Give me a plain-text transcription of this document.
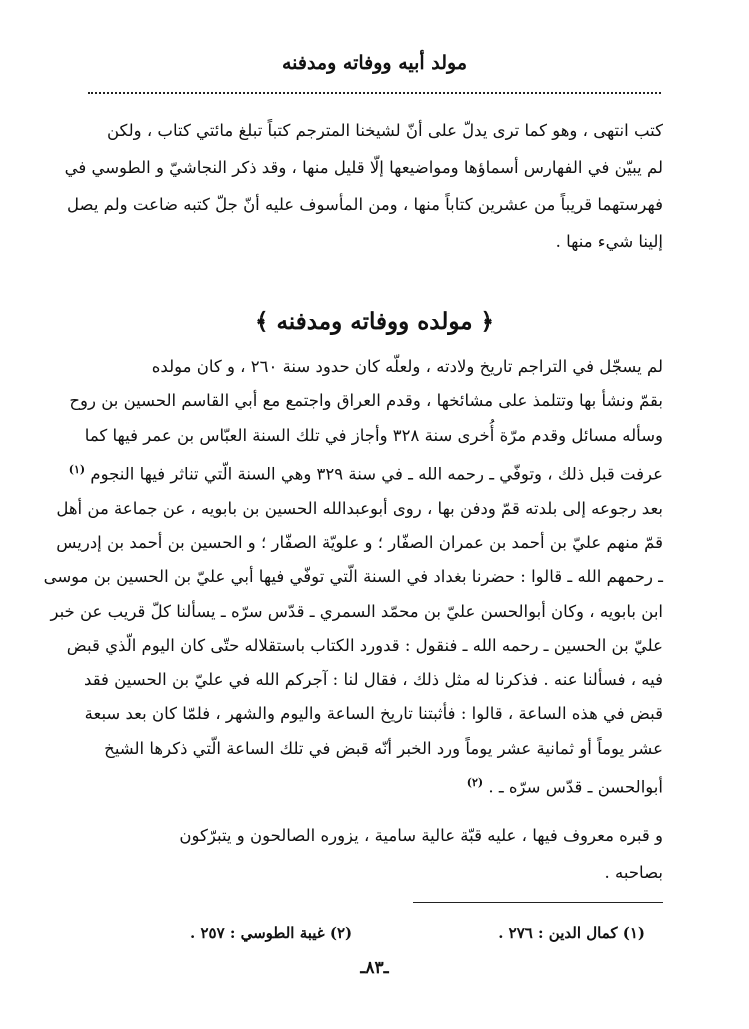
مولد أبيه ووفاته ومدفنه
كتب انتهى ، وهو كما ترى يدلّ على أنّ لشيخنا المترجم كتباً تبلغ مائتي كتاب ، ولكن
لم يبيّن في الفهارس أسماؤها ومواضيعها إلّا قليل منها ، وقد ذكر النجاشيّ و الطوسي في
فهرستهما قريباً من عشرين كتاباً منها ، ومن المأسوف عليه أنّ جلّ كتبه ضاعت ولم يصل
إلينا شيء منها .
﴿ مولده ووفاته ومدفنه ﴾
لم يسجّل في التراجم تاريخ ولادته ، ولعلّه كان حدود سنة ٢٦٠ ، و كان مولده
بقمّ ونشأ بها وتتلمذ على مشائخها ، وقدم العراق واجتمع مع أبي القاسم الحسين بن روح
وسأله مسائل وقدم مرّة أُخرى سنة ٣٢٨ وأجاز في تلك السنة العبّاس بن عمر فيها كما
عرفت قبل ذلك ، وتوفّي ـ رحمه الله ـ في سنة ٣٢٩ وهي السنة الّتي تناثر فيها النجوم $^{(١)}$
بعد رجوعه إلى بلدته قمّ ودفن بها ، روى أبوعبدالله الحسين بن بابويه ، عن جماعة من أهل
قمّ منهم عليّ بن أحمد بن عمران الصفّار ؛ و علويّة الصفّار ؛ و الحسين بن أحمد بن إدريس
ـ رحمهم الله ـ قالوا : حضرنا بغداد في السنة الّتي توفّي فيها أبي عليّ بن الحسين بن موسى
ابن بابويه ، وكان أبوالحسن عليّ بن محمّد السمري ـ قدّس سرّه ـ يسألنا كلّ قريب عن خبر
عليّ بن الحسين ـ رحمه الله ـ فنقول : قدورد الكتاب باستقلاله حتّى كان اليوم الّذي قبض
فيه ، فسألنا عنه . فذكرنا له مثل ذلك ، فقال لنا : آجركم الله في عليّ بن الحسين فقد
قبض في هذه الساعة ، قالوا : فأثبتنا تاريخ الساعة واليوم والشهر ، فلمّا كان بعد سبعة
عشر يوماً أو ثمانية عشر يوماً ورد الخبر أنّه قبض في تلك الساعة الّتي ذكرها الشيخ
أبوالحسن ـ قدّس سرّه ـ . $^{(٢)}$
و قبره معروف فيها ، عليه قبّة عالية سامية ، يزوره الصالحون و يتبرّكون
بصاحبه .
(١) كمال الدين : ٢٧٦ .
(٢) غيبة الطوسي : ٢٥٧ .
ـ٨٣ـ
